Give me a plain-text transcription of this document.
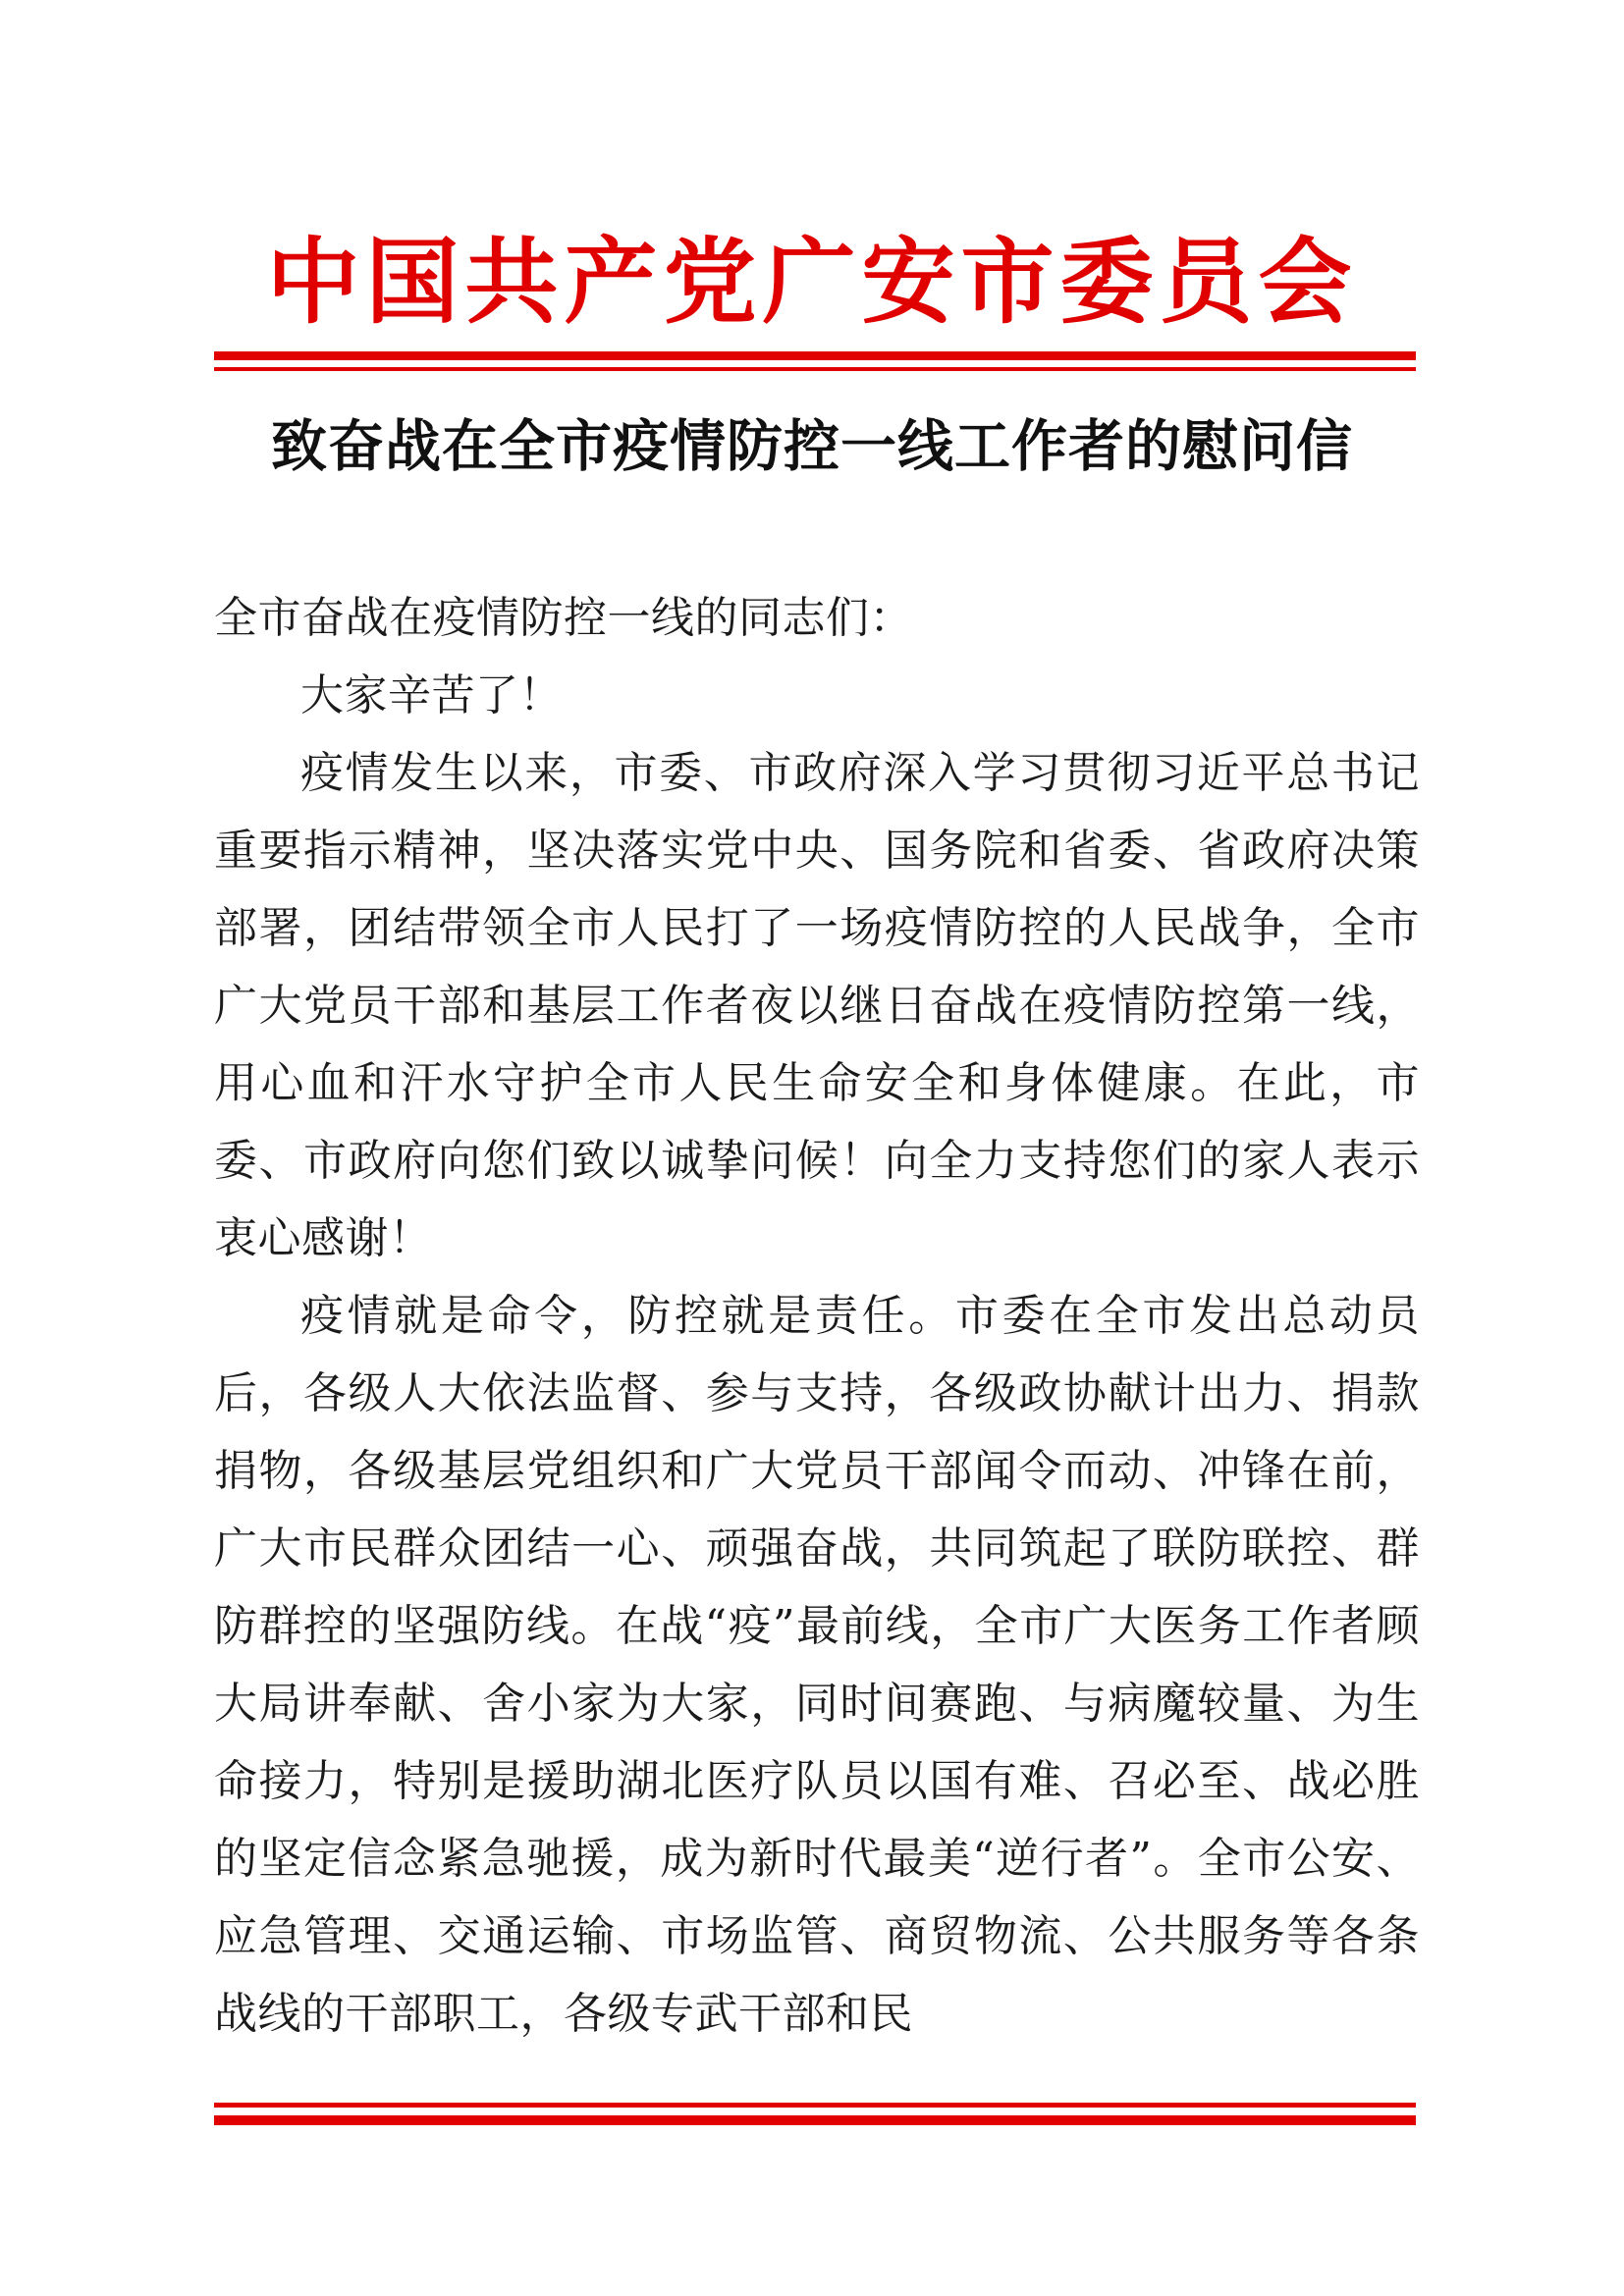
中国共产党广安市委员会
致奋战在全市疫情防控一线工作者的慰问信

全市奋战在疫情防控一线的同志们：

大家辛苦了！

疫情发生以来，市委、市政府深入学习贯彻习近平总书记重要指示精神，坚决落实党中央、国务院和省委、省政府决策部署，团结带领全市人民打了一场疫情防控的人民战争，全市广大党员干部和基层工作者夜以继日奋战在疫情防控第一线，用心血和汗水守护全市人民生命安全和身体健康。在此，市委、市政府向您们致以诚挚问候！向全力支持您们的家人表示衷心感谢！

疫情就是命令，防控就是责任。市委在全市发出总动员后，各级人大依法监督、参与支持，各级政协献计出力、捐款捐物，各级基层党组织和广大党员干部闻令而动、冲锋在前，广大市民群众团结一心、顽强奋战，共同筑起了联防联控、群防群控的坚强防线。在战“疫”最前线，全市广大医务工作者顾大局讲奉献、舍小家为大家，同时间赛跑、与病魔较量、为生命接力，特别是援助湖北医疗队员以国有难、召必至、战必胜的坚定信念紧急驰援，成为新时代最美“逆行者”。全市公安、应急管理、交通运输、市场监管、商贸物流、公共服务等各条战线的干部职工，各级专武干部和民
